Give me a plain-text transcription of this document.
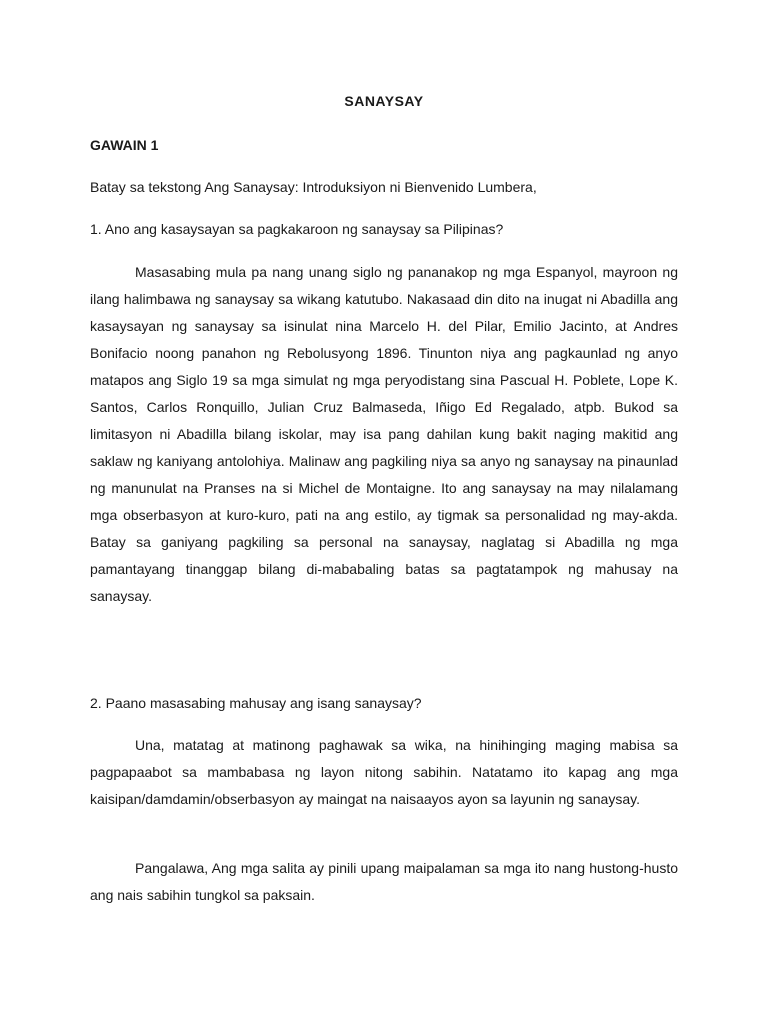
SANAYSAY
GAWAIN 1
Batay sa tekstong Ang Sanaysay: Introduksiyon ni Bienvenido Lumbera,
1. Ano ang kasaysayan sa pagkakaroon ng sanaysay sa Pilipinas?

Masasabing mula pa nang unang siglo ng pananakop ng mga Espanyol, mayroon ng ilang halimbawa ng sanaysay sa wikang katutubo. Nakasaad din dito na inugat ni Abadilla ang kasaysayan ng sanaysay sa isinulat nina Marcelo H. del Pilar, Emilio Jacinto, at Andres Bonifacio noong panahon ng Rebolusyong 1896. Tinunton niya ang pagkaunlad ng anyo matapos ang Siglo 19 sa mga simulat ng mga peryodistang sina Pascual H. Poblete, Lope K. Santos, Carlos Ronquillo, Julian Cruz Balmaseda, Iñigo Ed Regalado, atpb. Bukod sa limitasyon ni Abadilla bilang iskolar, may isa pang dahilan kung bakit naging makitid ang saklaw ng kaniyang antolohiya. Malinaw ang pagkiling niya sa anyo ng sanaysay na pinaunlad ng manunulat na Pranses na si Michel de Montaigne. Ito ang sanaysay na may nilalamang mga obserbasyon at kuro-kuro, pati na ang estilo, ay tigmak sa personalidad ng may-akda. Batay sa ganiyang pagkiling sa personal na sanaysay, naglatag si Abadilla ng mga pamantayang tinanggap bilang di-mababaling batas sa pagtatampok ng mahusay na sanaysay.

2. Paano masasabing mahusay ang isang sanaysay?

Una, matatag at matinong paghawak sa wika, na hinihinging maging mabisa sa pagpapaabot sa mambabasa ng layon nitong sabihin. Natatamo ito kapag ang mga kaisipan/damdamin/obserbasyon ay maingat na naisaayos ayon sa layunin ng sanaysay.

Pangalawa, Ang mga salita ay pinili upang maipalaman sa mga ito nang hustong-husto ang nais sabihin tungkol sa paksain.
